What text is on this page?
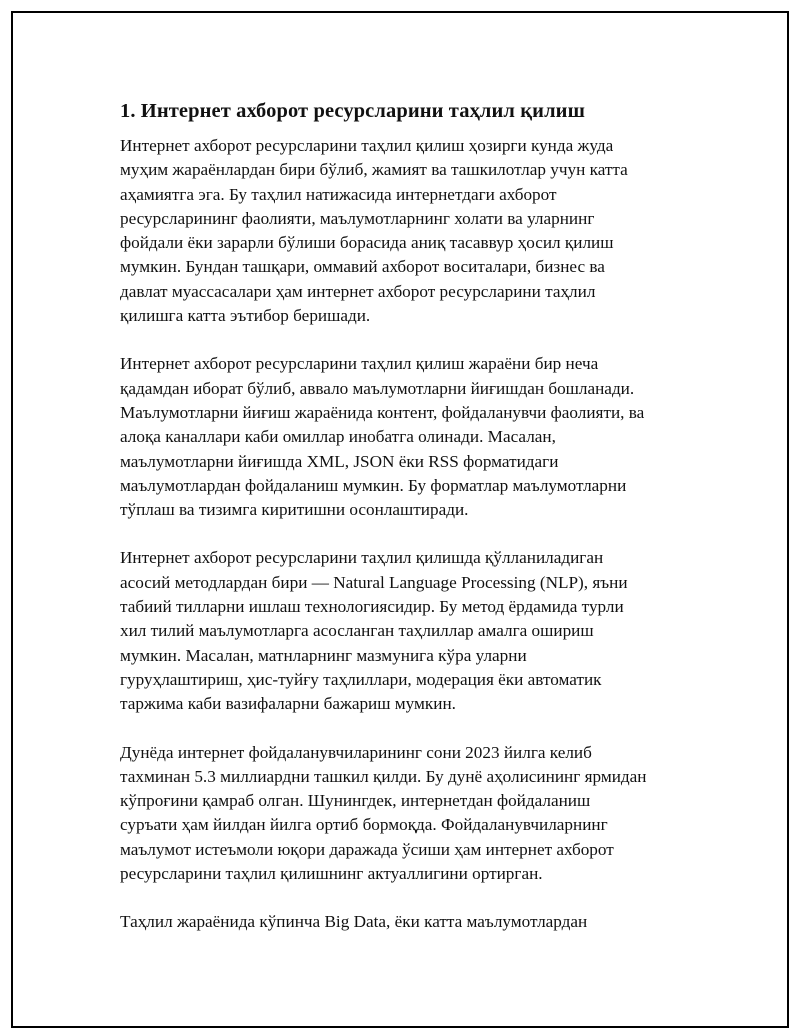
1. Интернет ахборот ресурсларини таҳлил қилиш

Интернет ахборот ресурсларини таҳлил қилиш ҳозирги кунда жуда
муҳим жараёнлардан бири бўлиб, жамият ва ташкилотлар учун катта
аҳамиятга эга. Бу таҳлил натижасида интернетдаги ахборот
ресурсларининг фаолияти, маълумотларнинг холати ва уларнинг
фойдали ёки зарарли бўлиши борасида аниқ тасаввур ҳосил қилиш
мумкин. Бундан ташқари, оммавий ахборот воситалари, бизнес ва
давлат муассасалари ҳам интернет ахборот ресурсларини таҳлил
қилишга катта эътибор беришади.

Интернет ахборот ресурсларини таҳлил қилиш жараёни бир неча
қадамдан иборат бўлиб, аввало маълумотларни йиғишдан бошланади.
Маълумотларни йиғиш жараёнида контент, фойдаланувчи фаолияти, ва
алоқа каналлари каби омиллар инобатга олинади. Масалан,
маълумотларни йиғишда XML, JSON ёки RSS форматидаги
маълумотлардан фойдаланиш мумкин. Бу форматлар маълумотларни
тўплаш ва тизимга киритишни осонлаштиради.

Интернет ахборот ресурсларини таҳлил қилишда қўлланиладиган
асосий методлардан бири — Natural Language Processing (NLP), яъни
табиий тилларни ишлаш технологиясидир. Бу метод ёрдамида турли
хил тилий маълумотларга асосланган таҳлиллар амалга ошириш
мумкин. Масалан, матнларнинг мазмунига кўра уларни
гуруҳлаштириш, ҳис-туйғу таҳлиллари, модерация ёки автоматик
таржима каби вазифаларни бажариш мумкин.

Дунёда интернет фойдаланувчиларининг сони 2023 йилга келиб
тахминан 5.3 миллиардни ташкил қилди. Бу дунё аҳолисининг ярмидан
кўпроғини қамраб олган. Шунингдек, интернетдан фойдаланиш
суръати ҳам йилдан йилга ортиб бормоқда. Фойдаланувчиларнинг
маълумот истеъмоли юқори даражада ўсиши ҳам интернет ахборот
ресурсларини таҳлил қилишнинг актуаллигини ортирган.

Таҳлил жараёнида кўпинча Big Data, ёки катта маълумотлардан
